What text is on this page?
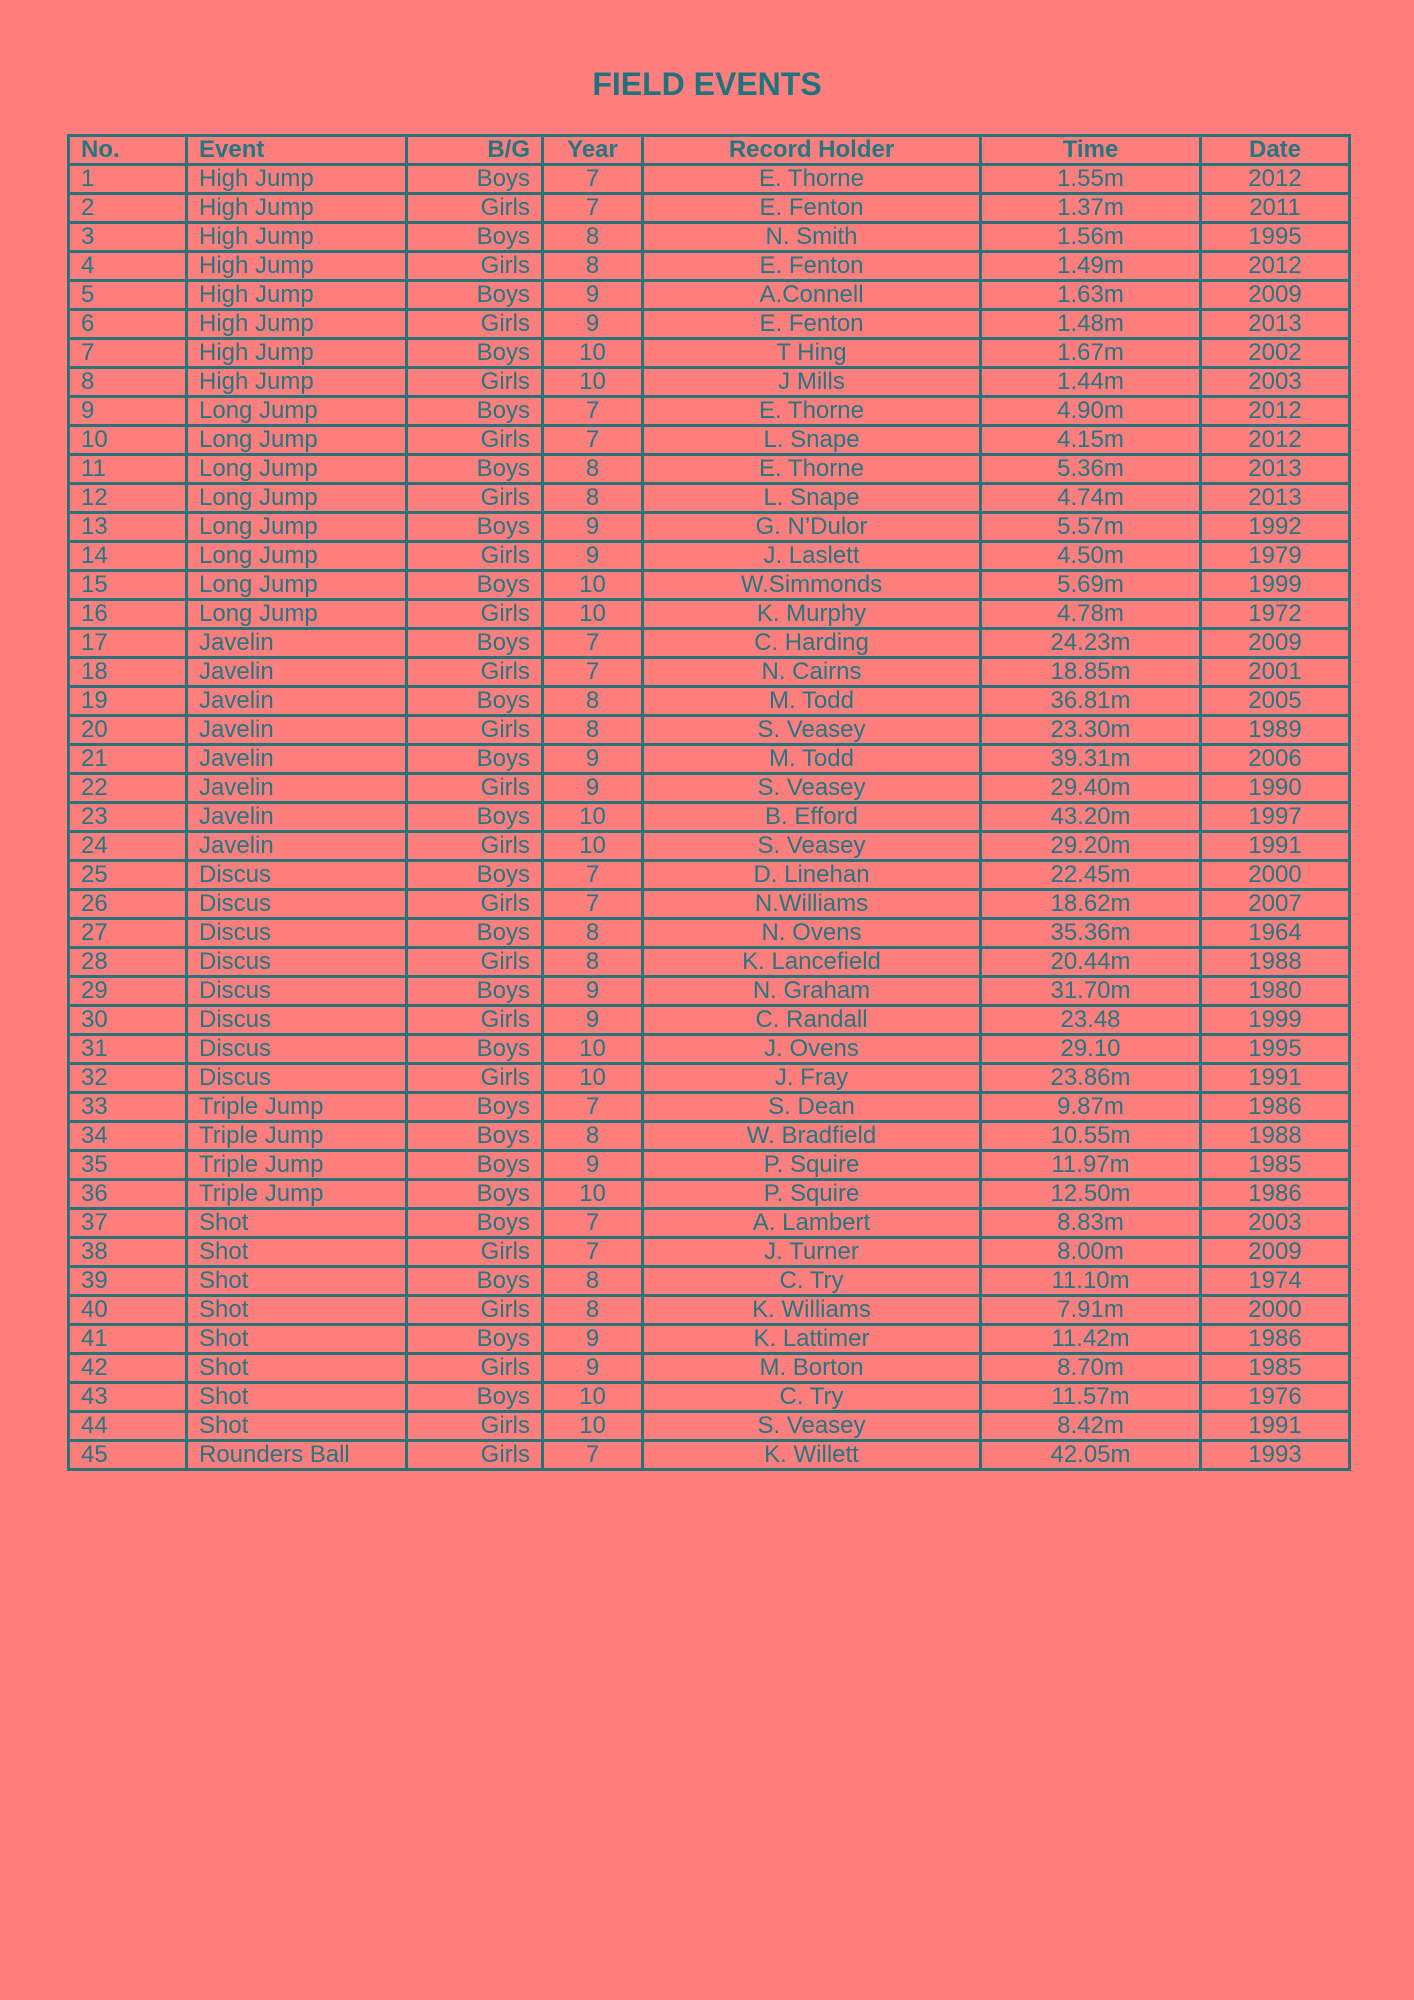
FIELD EVENTS
No.	Event	B/G	Year	Record Holder	Time	Date
1	High Jump	Boys	7	E. Thorne	1.55m	2012
2	High Jump	Girls	7	E. Fenton	1.37m	2011
3	High Jump	Boys	8	N. Smith	1.56m	1995
4	High Jump	Girls	8	E. Fenton	1.49m	2012
5	High Jump	Boys	9	A.Connell	1.63m	2009
6	High Jump	Girls	9	E. Fenton	1.48m	2013
7	High Jump	Boys	10	T Hing	1.67m	2002
8	High Jump	Girls	10	J Mills	1.44m	2003
9	Long Jump	Boys	7	E. Thorne	4.90m	2012
10	Long Jump	Girls	7	L. Snape	4.15m	2012
11	Long Jump	Boys	8	E. Thorne	5.36m	2013
12	Long Jump	Girls	8	L. Snape	4.74m	2013
13	Long Jump	Boys	9	G. N’Dulor	5.57m	1992
14	Long Jump	Girls	9	J. Laslett	4.50m	1979
15	Long Jump	Boys	10	W.Simmonds	5.69m	1999
16	Long Jump	Girls	10	K. Murphy	4.78m	1972
17	Javelin	Boys	7	C. Harding	24.23m	2009
18	Javelin	Girls	7	N. Cairns	18.85m	2001
19	Javelin	Boys	8	M. Todd	36.81m	2005
20	Javelin	Girls	8	S. Veasey	23.30m	1989
21	Javelin	Boys	9	M. Todd	39.31m	2006
22	Javelin	Girls	9	S. Veasey	29.40m	1990
23	Javelin	Boys	10	B. Efford	43.20m	1997
24	Javelin	Girls	10	S. Veasey	29.20m	1991
25	Discus	Boys	7	D. Linehan	22.45m	2000
26	Discus	Girls	7	N.Williams	18.62m	2007
27	Discus	Boys	8	N. Ovens	35.36m	1964
28	Discus	Girls	8	K. Lancefield	20.44m	1988
29	Discus	Boys	9	N. Graham	31.70m	1980
30	Discus	Girls	9	C. Randall	23.48	1999
31	Discus	Boys	10	J. Ovens	29.10	1995
32	Discus	Girls	10	J. Fray	23.86m	1991
33	Triple Jump	Boys	7	S. Dean	9.87m	1986
34	Triple Jump	Boys	8	W. Bradfield	10.55m	1988
35	Triple Jump	Boys	9	P. Squire	11.97m	1985
36	Triple Jump	Boys	10	P. Squire	12.50m	1986
37	Shot	Boys	7	A. Lambert	8.83m	2003
38	Shot	Girls	7	J. Turner	8.00m	2009
39	Shot	Boys	8	C. Try	11.10m	1974
40	Shot	Girls	8	K. Williams	7.91m	2000
41	Shot	Boys	9	K. Lattimer	11.42m	1986
42	Shot	Girls	9	M. Borton	8.70m	1985
43	Shot	Boys	10	C. Try	11.57m	1976
44	Shot	Girls	10	S. Veasey	8.42m	1991
45	Rounders Ball	Girls	7	K. Willett	42.05m	1993
